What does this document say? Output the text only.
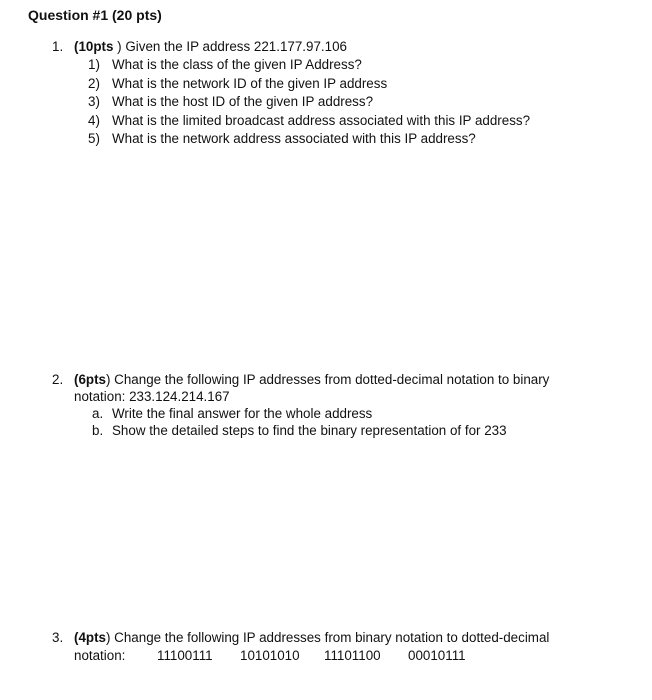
Question #1 (20 pts)
1. (10pts ) Given the IP address 221.177.97.106
1) What is the class of the given IP Address?
2) What is the network ID of the given IP address
3) What is the host ID of the given IP address?
4) What is the limited broadcast address associated with this IP address?
5) What is the network address associated with this IP address?
2. (6pts) Change the following IP addresses from dotted-decimal notation to binary
notation: 233.124.214.167
a. Write the final answer for the whole address
b. Show the detailed steps to find the binary representation of for 233
3. (4pts) Change the following IP addresses from binary notation to dotted-decimal
notation: 11100111 10101010 11101100 00010111
